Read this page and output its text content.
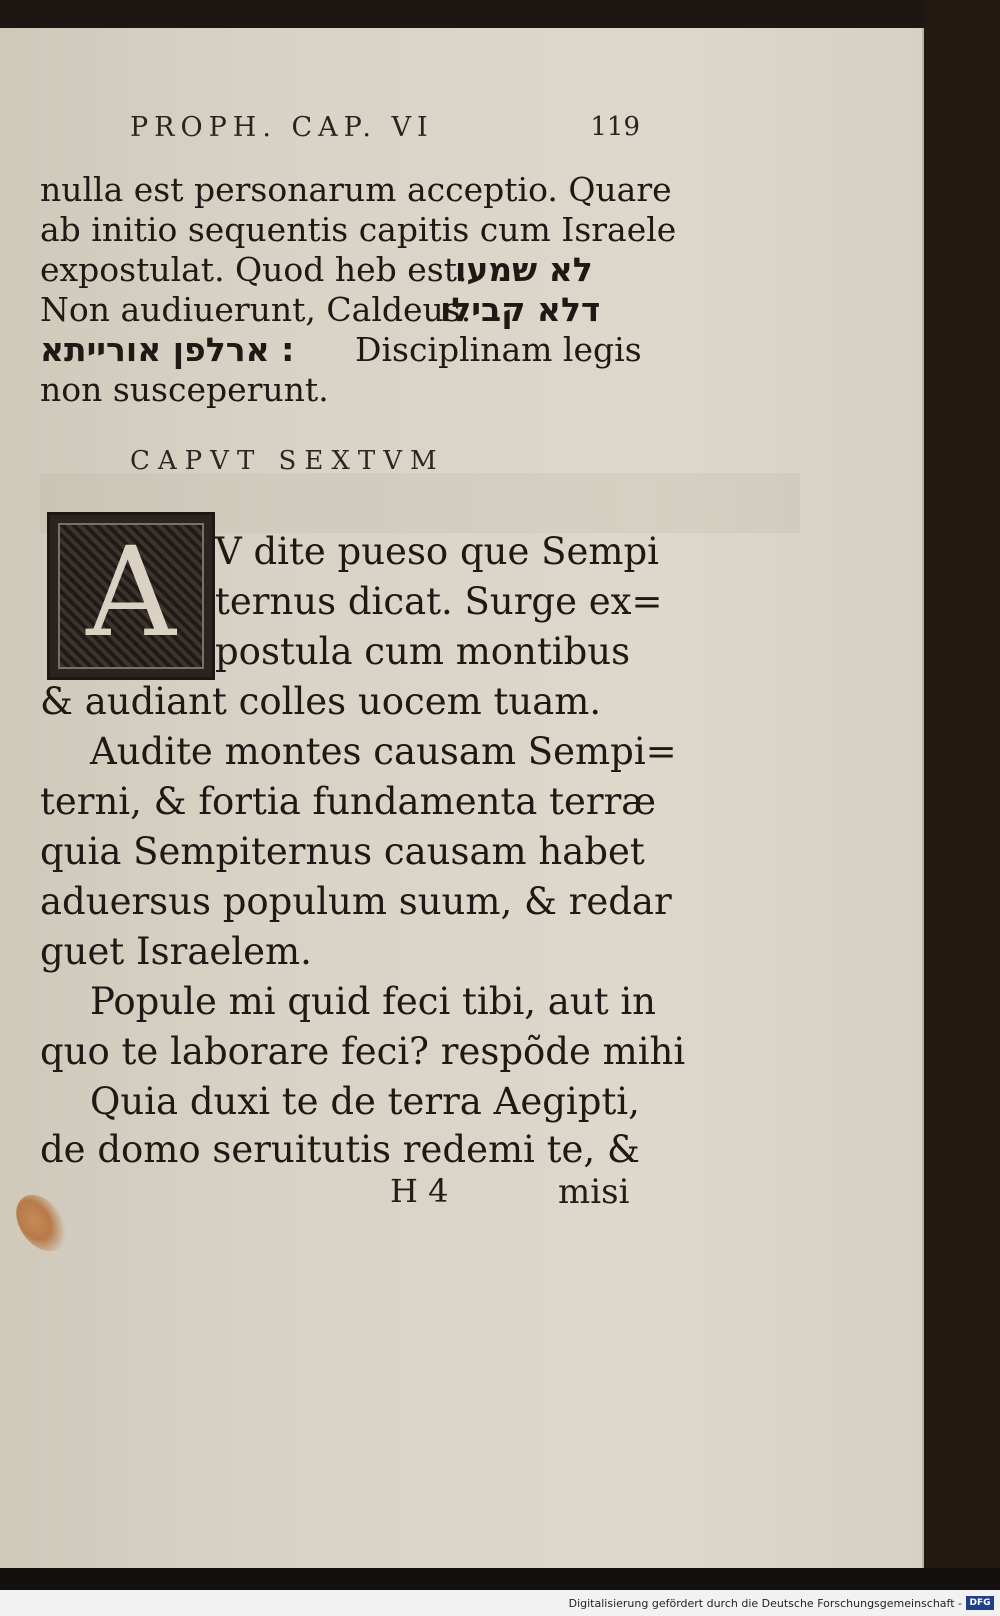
PROPH. CAP. VI	119
nulla est personarum acceptio. Quare
ab initio sequentis capitis cum Israele
expostulat. Quod heb est.
לא שמעו
Non audiuerunt, Caldeus.
דלא קבילו
: ארלפן אורייתא Disciplinam legis
non susceperunt.
CAPVT SEXTVM
A	V dite pueso que Sempi
ternus dicat. Surge ex=
postula cum montibus
& audiant colles uocem tuam.
Audite montes causam Sempi=
terni, & fortia fundamenta terræ
quia Sempiternus causam habet
aduersus populum suum, & redar
guet Israelem.
Popule mi quid feci tibi, aut in
quo te laborare feci? respõde mihi
Quia duxi te de terra Aegipti,
de domo seruitutis redemi te, &
H 4	misi
Digitalisierung gefördert durch die Deutsche Forschungsgemeinschaft - DFG
